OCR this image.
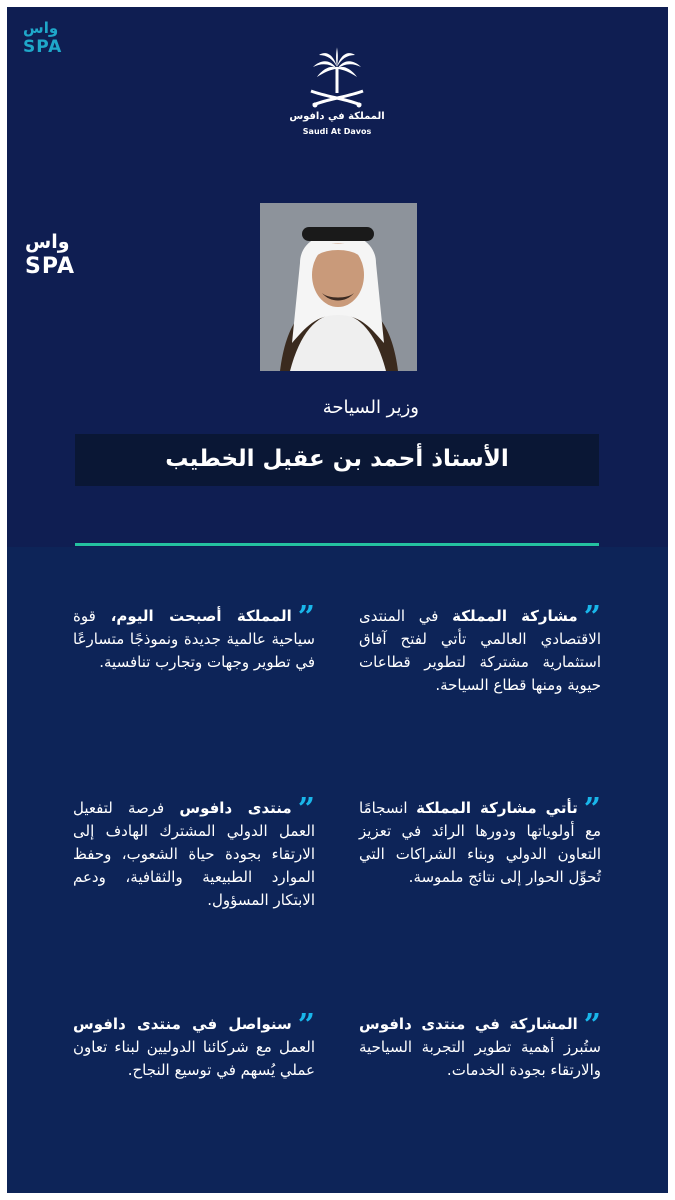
واس
SPA
المملكة في دافوس
Saudi At Davos
واس
SPA
وزير السياحة
الأستاذ أحمد بن عقيل الخطيب
”مشاركة المملكة في المنتدى الاقتصادي العالمي تأتي لفتح آفاق استثمارية مشتركة لتطوير قطاعات حيوية ومنها قطاع السياحة.
”تأتي مشاركة المملكة انسجامًا مع أولوياتها ودورها الرائد في تعزيز التعاون الدولي وبناء الشراكات التي تُحوِّل الحوار إلى نتائج ملموسة.
”المشاركة في منتدى دافوس ستُبرز أهمية تطوير التجربة السياحية والارتقاء بجودة الخدمات.
”المملكة أصبحت اليوم، قوة سياحية عالمية جديدة ونموذجًا متسارعًا في تطوير وجهات وتجارب تنافسية.
”منتدى دافوس فرصة لتفعيل العمل الدولي المشترك الهادف إلى الارتقاء بجودة حياة الشعوب، وحفظ الموارد الطبيعية والثقافية، ودعم الابتكار المسؤول.
”سنواصل في منتدى دافوس العمل مع شركائنا الدوليين لبناء تعاون عملي يُسهم في توسيع النجاح.
